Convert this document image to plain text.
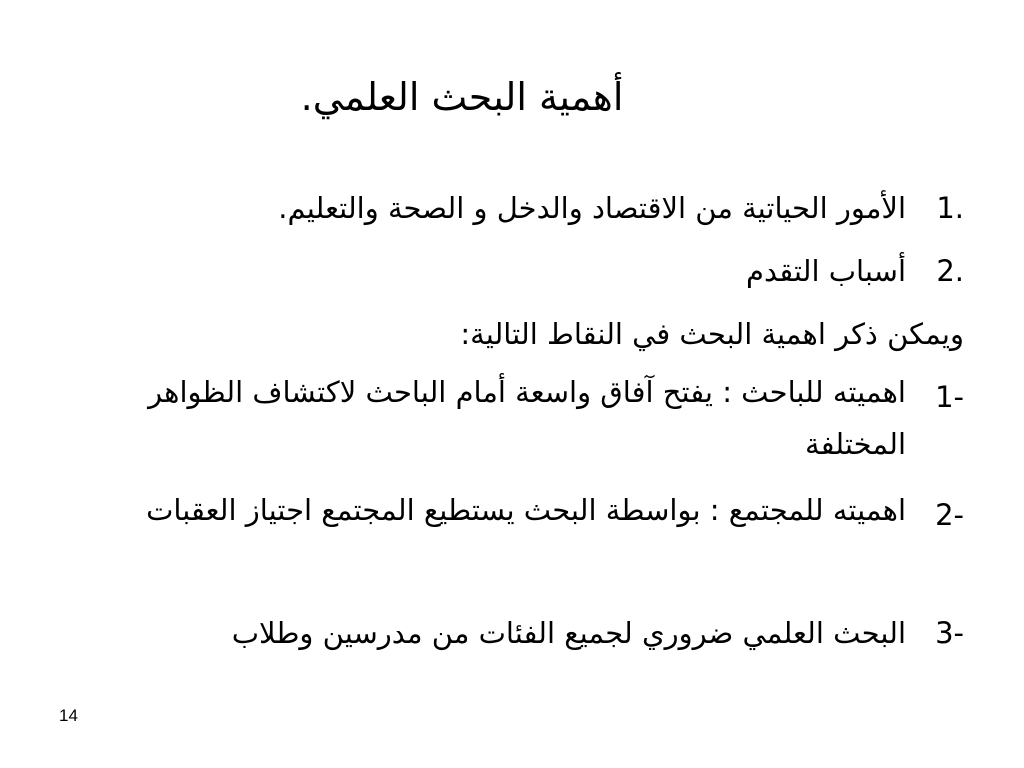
أهمية البحث العلمي.
1.
الأمور الحياتية من الاقتصاد والدخل و الصحة والتعليم.
2.
أسباب التقدم
ويمكن ذكر اهمية البحث في النقاط التالية:
1-
اهميته للباحث : يفتح آفاق واسعة أمام الباحث لاكتشاف الظواهر المختلفة
2-
اهميته للمجتمع : بواسطة البحث يستطيع المجتمع اجتياز العقبات
3-
البحث العلمي ضروري لجميع الفئات من مدرسين وطلاب
14
